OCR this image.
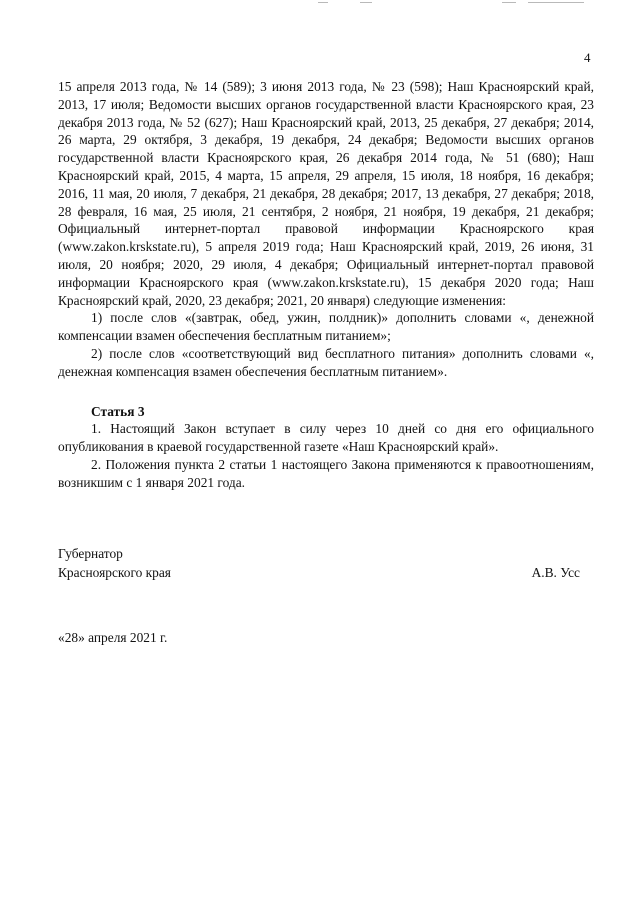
4

15 апреля 2013 года, № 14 (589); 3 июня 2013 года, № 23 (598); Наш Красноярский край, 2013, 17 июля; Ведомости высших органов государственной власти Красноярского края, 23 декабря 2013 года, № 52 (627); Наш Красноярский край, 2013, 25 декабря, 27 декабря; 2014, 26 марта, 29 октября, 3 декабря, 19 декабря, 24 декабря; Ведомости высших органов государственной власти Красноярского края, 26 декабря 2014 года, № 51 (680); Наш Красноярский край, 2015, 4 марта, 15 апреля, 29 апреля, 15 июля, 18 ноября, 16 декабря; 2016, 11 мая, 20 июля, 7 декабря, 21 декабря, 28 декабря; 2017, 13 декабря, 27 декабря; 2018, 28 февраля, 16 мая, 25 июля, 21 сентября, 2 ноября, 21 ноября, 19 декабря, 21 декабря; Официальный интернет-портал правовой информации Красноярского края (www.zakon.krskstate.ru), 5 апреля 2019 года; Наш Красноярский край, 2019, 26 июня, 31 июля, 20 ноября; 2020, 29 июля, 4 декабря; Официальный интернет-портал правовой информации Красноярского края (www.zakon.krskstate.ru), 15 декабря 2020 года; Наш Красноярский край, 2020, 23 декабря; 2021, 20 января) следующие изменения:

1) после слов «(завтрак, обед, ужин, полдник)» дополнить словами «, денежной компенсации взамен обеспечения бесплатным питанием»;

2) после слов «соответствующий вид бесплатного питания» дополнить словами «, денежная компенсация взамен обеспечения бесплатным питанием».

Статья 3

1. Настоящий Закон вступает в силу через 10 дней со дня его официального опубликования в краевой государственной газете «Наш Красноярский край».

2. Положения пункта 2 статьи 1 настоящего Закона применяются к правоотношениям, возникшим с 1 января 2021 года.

Губернатор
Красноярского края	А.В. Усс
«28» апреля 2021 г.
